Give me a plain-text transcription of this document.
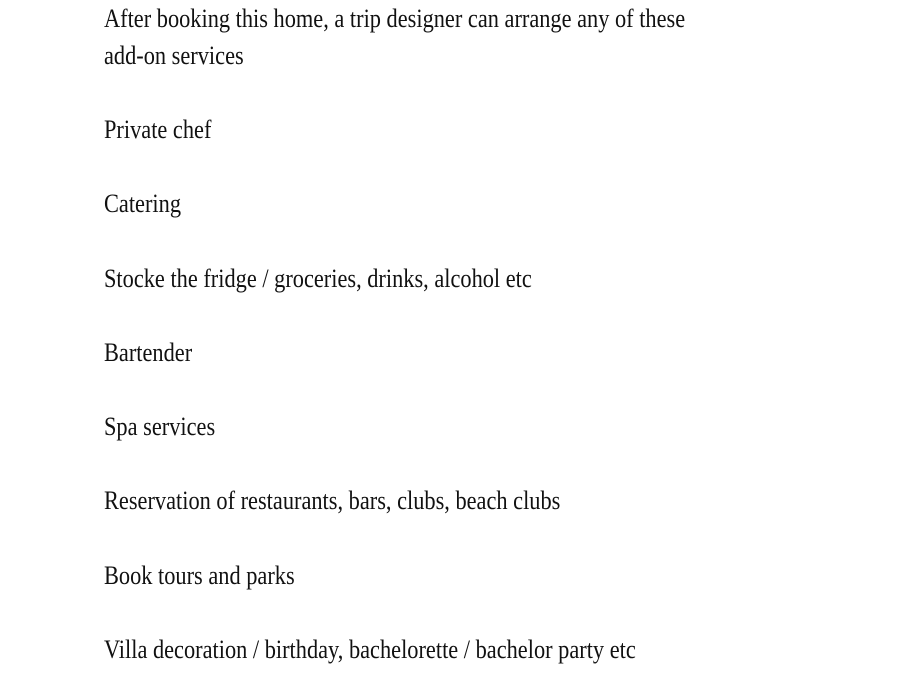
After booking this home, a trip designer can arrange any of these
add-on services

Private chef
Catering
Stocke the fridge / groceries, drinks, alcohol etc
Bartender
Spa services
Reservation of restaurants, bars, clubs, beach clubs
Book tours and parks
Villa decoration / birthday, bachelorette / bachelor party etc
